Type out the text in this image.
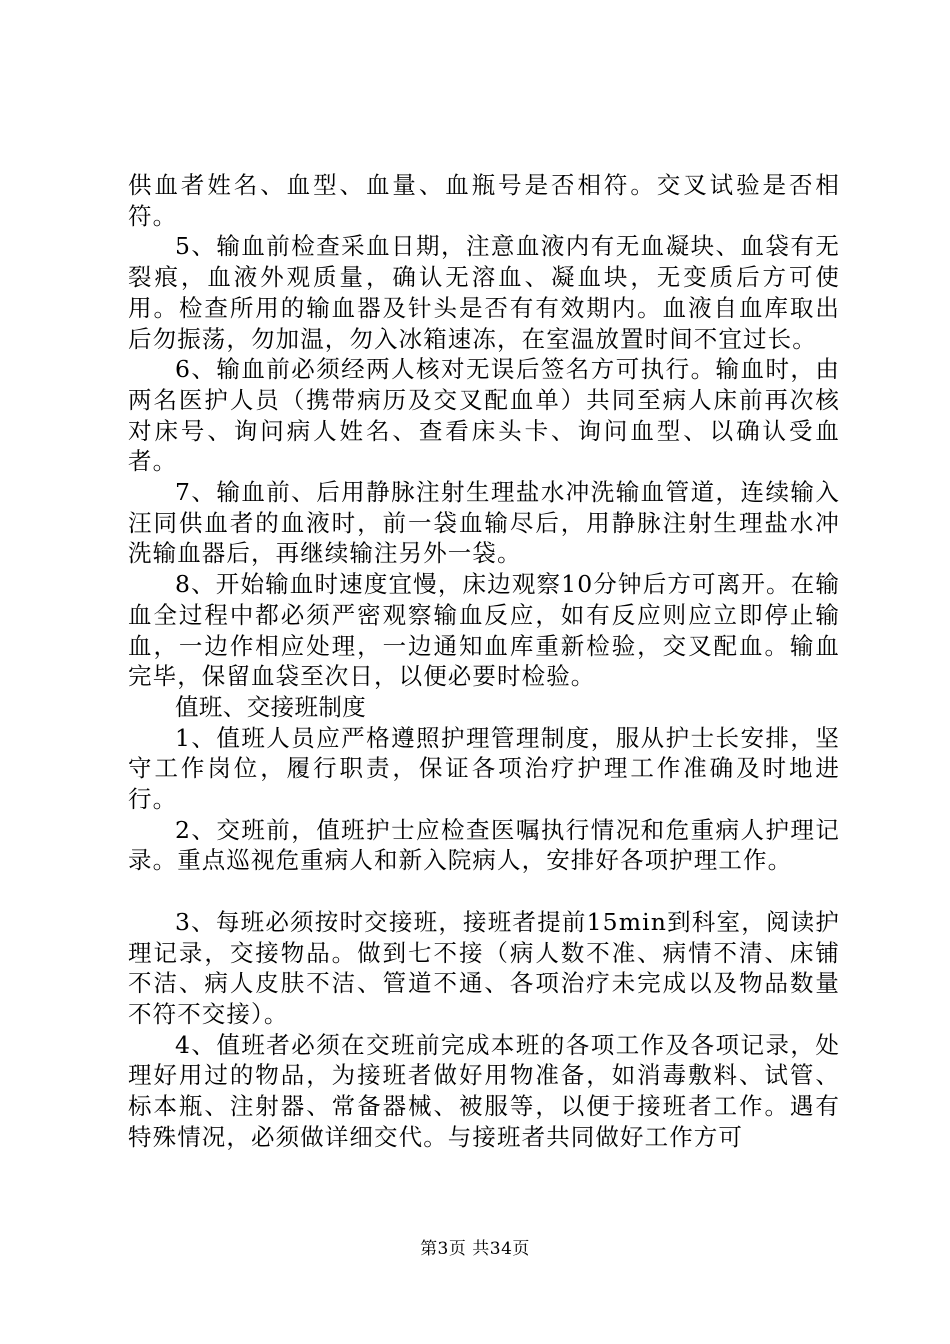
供血者姓名、血型、血量、血瓶号是否相符。交叉试验是否相符。

5、输血前检查采血日期，注意血液内有无血凝块、血袋有无裂痕，血液外观质量，确认无溶血、凝血块，无变质后方可使用。检查所用的输血器及针头是否有有效期内。血液自血库取出后勿振荡，勿加温，勿入冰箱速冻，在室温放置时间不宜过长。

6、输血前必须经两人核对无误后签名方可执行。输血时，由两名医护人员（携带病历及交叉配血单）共同至病人床前再次核对床号、询问病人姓名、查看床头卡、询问血型、以确认受血者。

7、输血前、后用静脉注射生理盐水冲洗输血管道，连续输入汪同供血者的血液时，前一袋血输尽后，用静脉注射生理盐水冲洗输血器后，再继续输注另外一袋。

8、开始输血时速度宜慢，床边观察10分钟后方可离开。在输血全过程中都必须严密观察输血反应，如有反应则应立即停止输血，一边作相应处理，一边通知血库重新检验，交叉配血。输血完毕，保留血袋至次日，以便必要时检验。

值班、交接班制度

1、值班人员应严格遵照护理管理制度，服从护士长安排，坚守工作岗位，履行职责，保证各项治疗护理工作准确及时地进行。

2、交班前，值班护士应检查医嘱执行情况和危重病人护理记录。重点巡视危重病人和新入院病人，安排好各项护理工作。

3、每班必须按时交接班，接班者提前15min到科室，阅读护理记录，交接物品。做到七不接（病人数不准、病情不清、床铺不洁、病人皮肤不洁、管道不通、各项治疗未完成以及物品数量不符不交接）。

4、值班者必须在交班前完成本班的各项工作及各项记录，处理好用过的物品，为接班者做好用物准备，如消毒敷料、试管、标本瓶、注射器、常备器械、被服等，以便于接班者工作。遇有特殊情况，必须做详细交代。与接班者共同做好工作方可

第3页 共34页
